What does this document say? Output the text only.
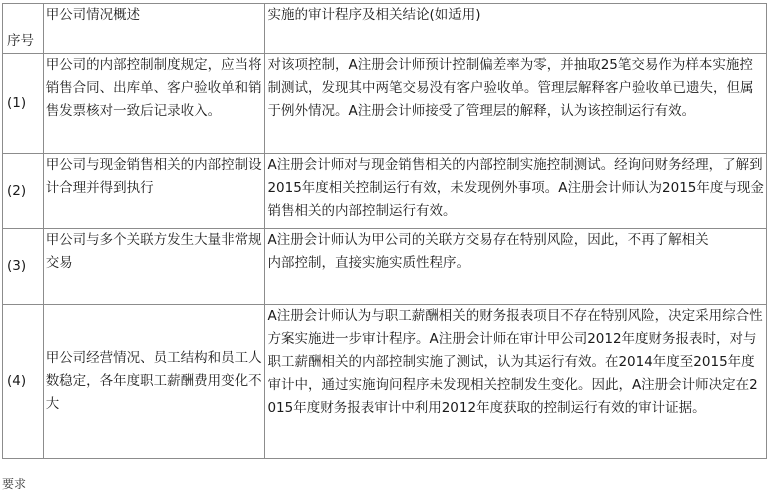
序号	甲公司情况概述	实施的审计程序及相关结论(如适用)
(1)	甲公司的内部控制制度规定，应当将销售合同、出库单、客户验收单和销售发票核对一致后记录收入。	对该项控制，A注册会计师预计控制偏差率为零，并抽取25笔交易作为样本实施控制测试，发现其中两笔交易没有客户验收单。管理层解释客户验收单已遗失，但属于例外情况。A注册会计师接受了管理层的解释，认为该控制运行有效。
(2)	甲公司与现金销售相关的内部控制设计合理并得到执行	A注册会计师对与现金销售相关的内部控制实施控制测试。经询问财务经理，了解到2015年度相关控制运行有效，未发现例外事项。A注册会计师认为2015年度与现金销售相关的内部控制运行有效。
(3)	甲公司与多个关联方发生大量非常规交易	A注册会计师认为甲公司的关联方交易存在特别风险，因此，不再了解相关
内部控制，直接实施实质性程序。

(4)	甲公司经营情况、员工结构和员工人数稳定，各年度职工薪酬费用变化不大	A注册会计师认为与职工薪酬相关的财务报表项目不存在特别风险，决定采用综合性方案实施进一步审计程序。A注册会计师在审计甲公司2012年度财务报表时，对与职工薪酬相关的内部控制实施了测试，认为其运行有效。在2014年度至2015年度审计中，通过实施询问程序未发现相关控制发生变化。因此，A注册会计师决定在2015年度财务报表审计中利用2012年度获取的控制运行有效的审计证据。
要求
